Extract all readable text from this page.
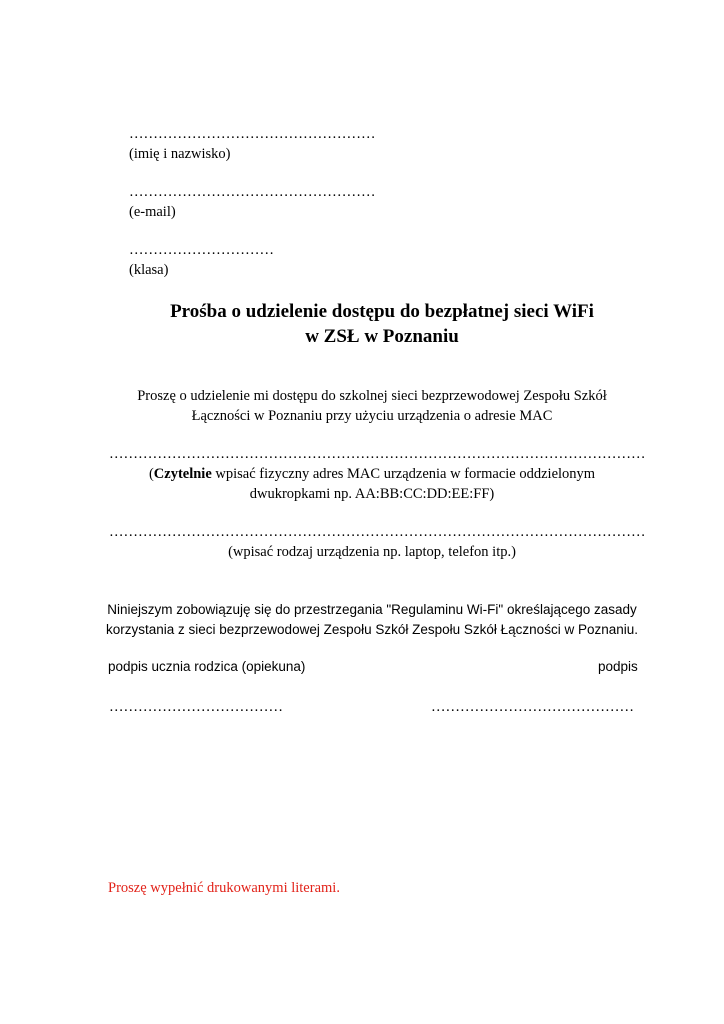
……………………………………………
(imię i nazwisko)
……………………………………………
(e-mail)
…………………………
(klasa)
Prośba o udzielenie dostępu do bezpłatnej sieci WiFi
w ZSŁ w Poznaniu
Proszę o udzielenie mi dostępu do szkolnej sieci bezprzewodowej Zespołu Szkół
Łączności w Poznaniu przy użyciu urządzenia o adresie MAC
…………………………………………………………………………………………………
(Czytelnie wpisać fizyczny adres MAC urządzenia w formacie oddzielonym
dwukropkami np. AA:BB:CC:DD:EE:FF)
…………………………………………………………………………………………………
(wpisać rodzaj urządzenia np. laptop, telefon itp.)
Niniejszym zobowiązuję się do przestrzegania "Regulaminu Wi-Fi" określającego zasady
korzystania z sieci bezprzewodowej Zespołu Szkół Zespołu Szkół Łączności w Poznaniu.
podpis ucznia rodzica (opiekuna)	podpis
………………………………	……………………………………
Proszę wypełnić drukowanymi literami.
